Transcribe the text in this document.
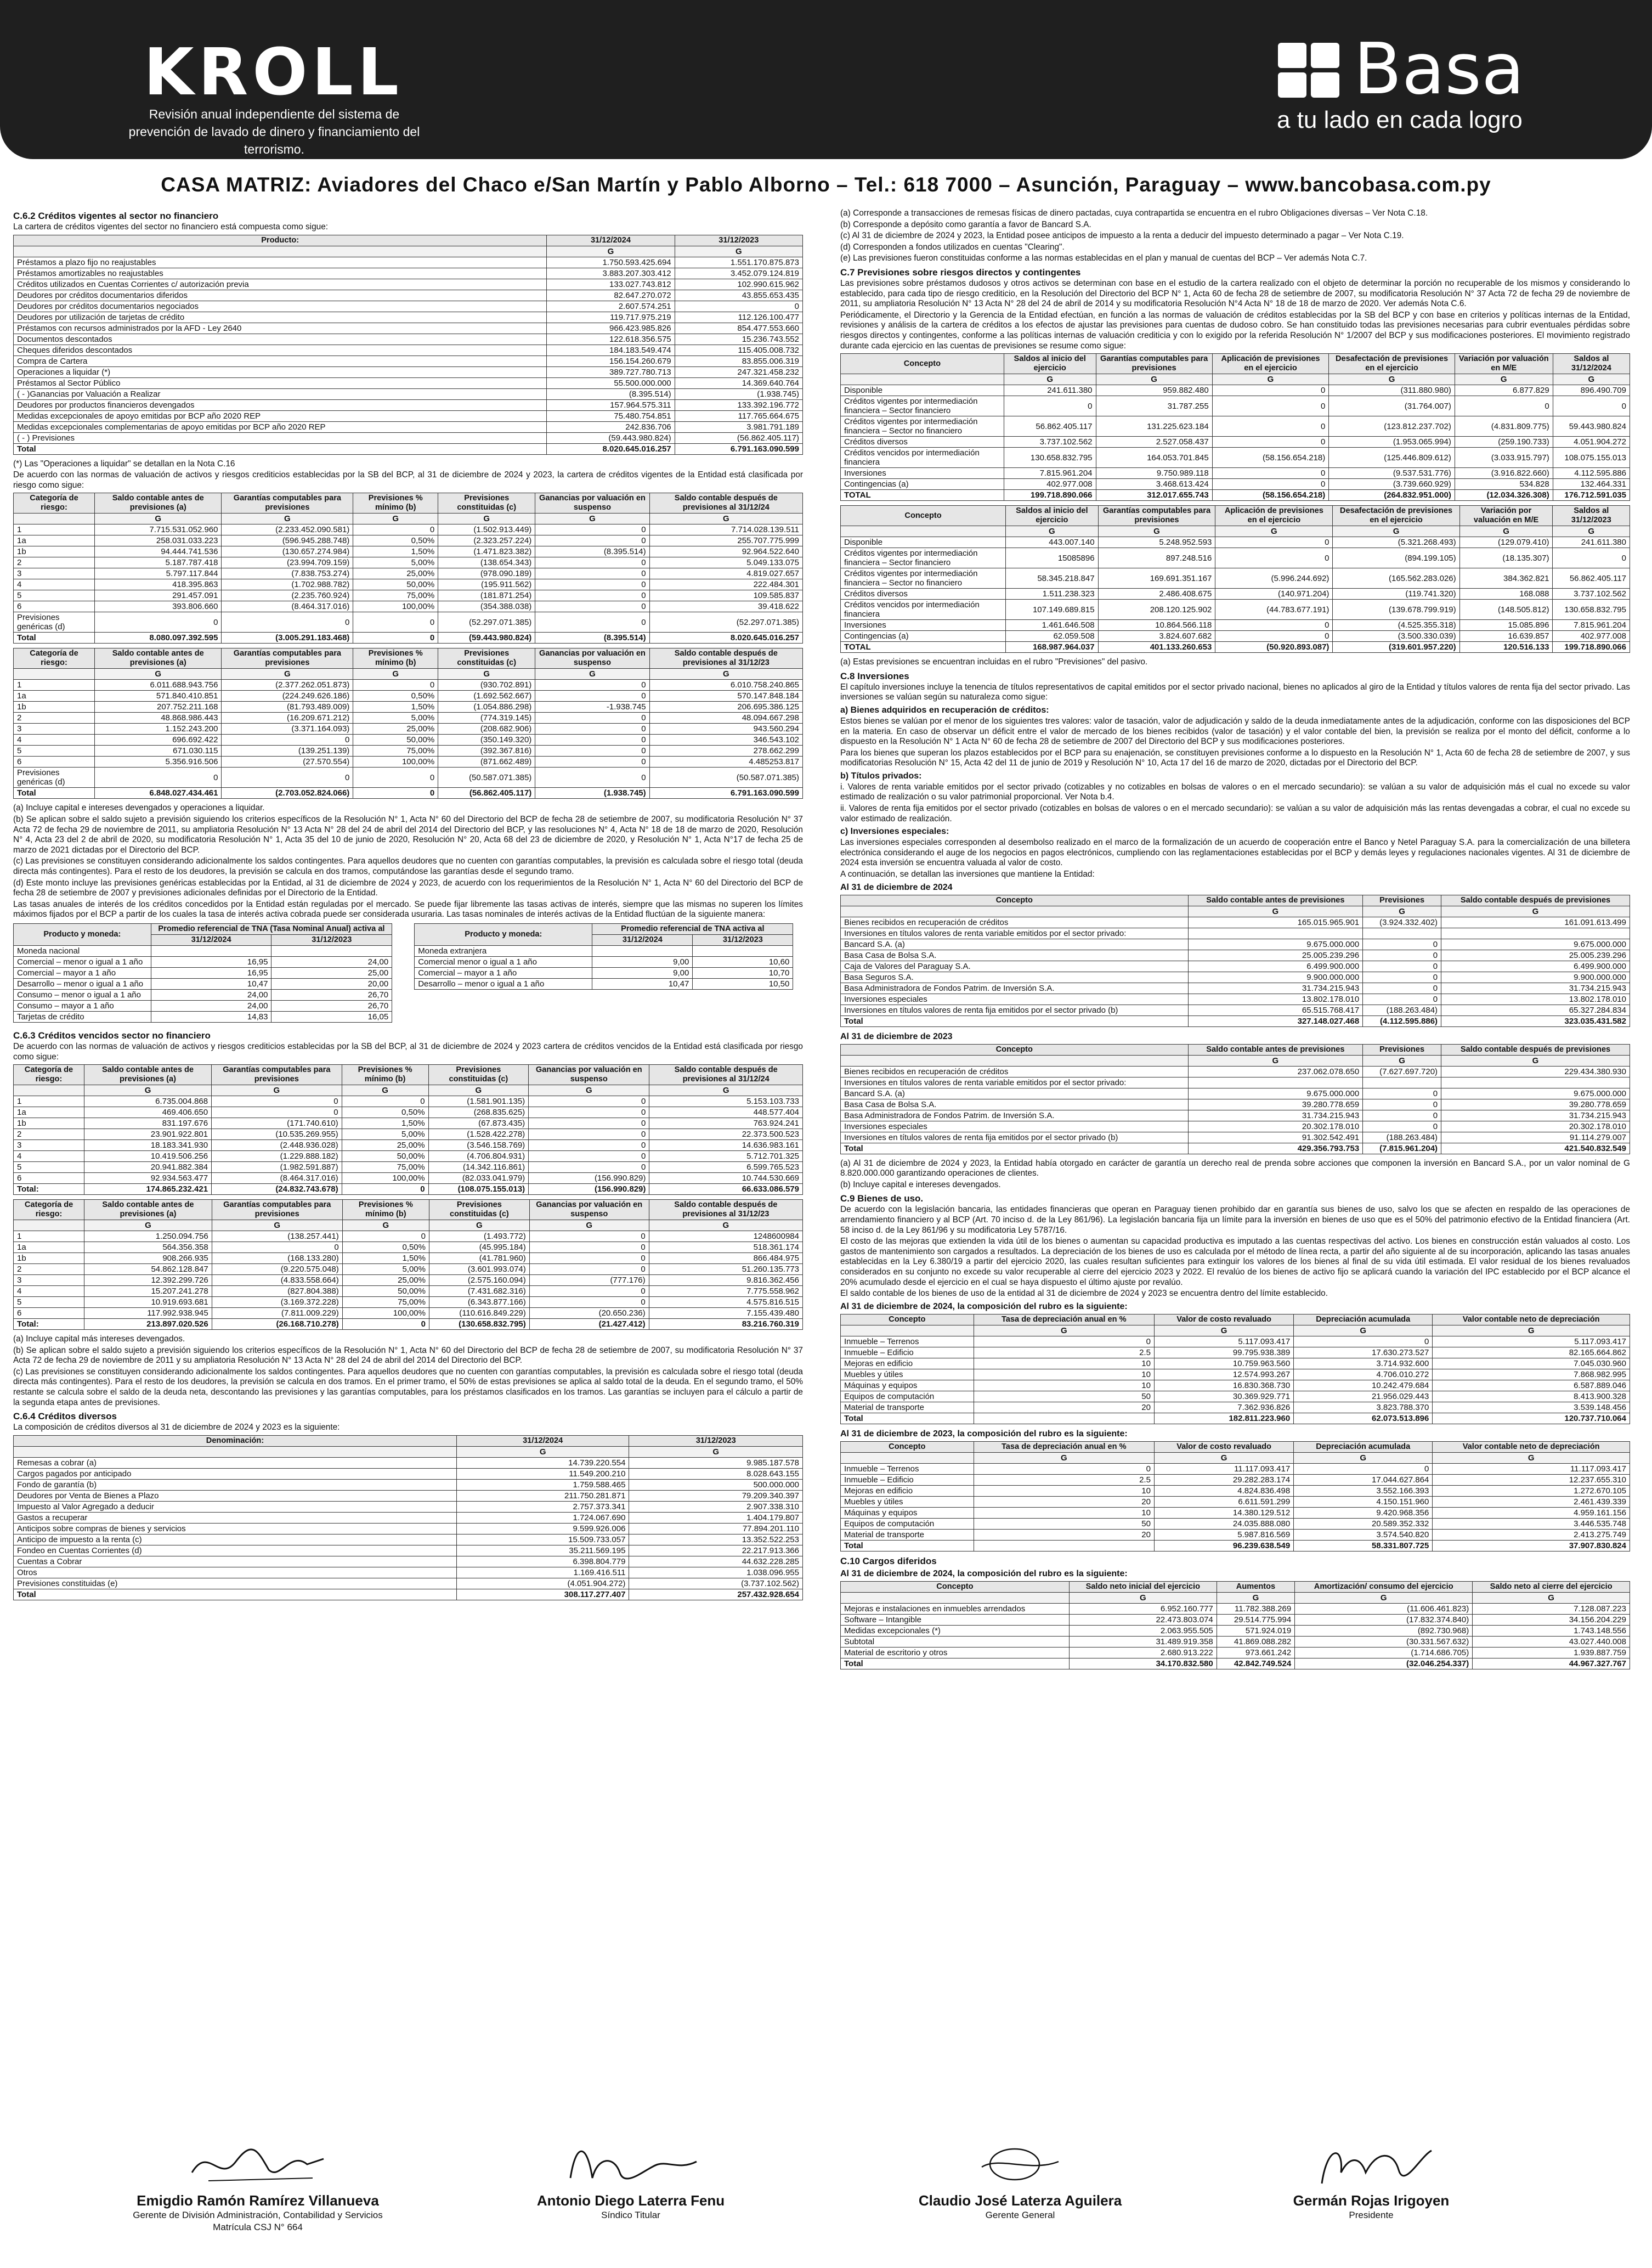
KROLL
Revisión anual independiente del sistema de prevención de lavado de dinero y financiamiento del terrorismo.
Basa
a tu lado en cada logro
CASA MATRIZ: Aviadores del Chaco e/San Martín y Pablo Alborno – Tel.: 618 7000 – Asunción, Paraguay – www.bancobasa.com.py
C.6.2 Créditos vigentes al sector no financiero
La cartera de créditos vigentes del sector no financiero está compuesta como sigue:
Producto:	31/12/2024	31/12/2023
	G	G
Préstamos a plazo fijo no reajustables	1.750.593.425.694	1.551.170.875.873
Préstamos amortizables no reajustables	3.883.207.303.412	3.452.079.124.819
Créditos utilizados en Cuentas Corrientes c/ autorización previa	133.027.743.812	102.990.615.962
Deudores por créditos documentarios diferidos	82.647.270.072	43.855.653.435
Deudores por créditos documentarios negociados	2.607.574.251	0
Deudores por utilización de tarjetas de crédito	119.717.975.219	112.126.100.477
Préstamos con recursos administrados por la AFD - Ley 2640	966.423.985.826	854.477.553.660
Documentos descontados	122.618.356.575	15.236.743.552
Cheques diferidos descontados	184.183.549.474	115.405.008.732
Compra de Cartera	156.154.260.679	83.855.006.319
Operaciones a liquidar (*)	389.727.780.713	247.321.458.232
Préstamos al Sector Público	55.500.000.000	14.369.640.764
( - )Ganancias por Valuación a Realizar	(8.395.514)	(1.938.745)
Deudores por productos financieros devengados	157.964.575.311	133.392.196.772
Medidas excepcionales de apoyo emitidas por BCP año 2020 REP	75.480.754.851	117.765.664.675
Medidas excepcionales complementarias de apoyo emitidas por BCP año 2020 REP	242.836.706	3.981.791.189
( - ) Previsiones	(59.443.980.824)	(56.862.405.117)
Total	8.020.645.016.257	6.791.163.090.599
(*) Las "Operaciones a liquidar" se detallan en la Nota C.16
De acuerdo con las normas de valuación de activos y riesgos crediticios establecidas por la SB del BCP, al 31 de diciembre de 2024 y 2023, la cartera de créditos vigentes de la Entidad está clasificada por riesgo como sigue:
Categoría de riesgo:	Saldo contable antes de previsiones (a)	Garantías computables para previsiones	Previsiones % mínimo (b)	Previsiones constituidas (c)	Ganancias por valuación en suspenso	Saldo contable después de previsiones al 31/12/24
	G	G	G	G	G	G
1	7.715.531.052.960	(2.233.452.090.581)	0	(1.502.913.449)	0	7.714.028.139.511
1a	258.031.033.223	(596.945.288.748)	0,50%	(2.323.257.224)	0	255.707.775.999
1b	94.444.741.536	(130.657.274.984)	1,50%	(1.471.823.382)	(8.395.514)	92.964.522.640
2	5.187.787.418	(23.994.709.159)	5,00%	(138.654.343)	0	5.049.133.075
3	5.797.117.844	(7.838.753.274)	25,00%	(978.090.189)	0	4.819.027.657
4	418.395.863	(1.702.988.782)	50,00%	(195.911.562)	0	222.484.301
5	291.457.091	(2.235.760.924)	75,00%	(181.871.254)	0	109.585.837
6	393.806.660	(8.464.317.016)	100,00%	(354.388.038)	0	39.418.622
Previsiones genéricas (d)	0	0	0	(52.297.071.385)	0	(52.297.071.385)
Total	8.080.097.392.595	(3.005.291.183.468)	0	(59.443.980.824)	(8.395.514)	8.020.645.016.257
Categoría de riesgo:	Saldo contable antes de previsiones (a)	Garantías computables para previsiones	Previsiones % mínimo (b)	Previsiones constituidas (c)	Ganancias por valuación en suspenso	Saldo contable después de previsiones al 31/12/23
	G	G	G	G	G	G
1	6.011.688.943.756	(2.377.262.051.873)	0	(930.702.891)	0	6.010.758.240.865
1a	571.840.410.851	(224.249.626.186)	0,50%	(1.692.562.667)	0	570.147.848.184
1b	207.752.211.168	(81.793.489.009)	1,50%	(1.054.886.298)	-1.938.745	206.695.386.125
2	48.868.986.443	(16.209.671.212)	5,00%	(774.319.145)	0	48.094.667.298
3	1.152.243.200	(3.371.164.093)	25,00%	(208.682.906)	0	943.560.294
4	696.692.422	0	50,00%	(350.149.320)	0	346.543.102
5	671.030.115	(139.251.139)	75,00%	(392.367.816)	0	278.662.299
6	5.356.916.506	(27.570.554)	100,00%	(871.662.489)	0	4.485253.817
Previsiones genéricas (d)	0	0	0	(50.587.071.385)	0	(50.587.071.385)
Total	6.848.027.434.461	(2.703.052.824.066)	0	(56.862.405.117)	(1.938.745)	6.791.163.090.599
(a) Incluye capital e intereses devengados y operaciones a liquidar.
(b) Se aplican sobre el saldo sujeto a previsión siguiendo los criterios específicos de la Resolución N° 1, Acta N° 60 del Directorio del BCP de fecha 28 de setiembre de 2007, su modificatoria Resolución N° 37 Acta 72 de fecha 29 de noviembre de 2011, su ampliatoria Resolución N° 13 Acta N° 28 del 24 de abril del 2014 del Directorio del BCP, y las resoluciones N° 4, Acta N° 18 de 18 de marzo de 2020, Resolución N° 4, Acta 23 del 2 de abril de 2020, su modificatoria Resolución N° 1, Acta 35 del 10 de junio de 2020, Resolución N° 20, Acta 68 del 23 de diciembre de 2020, y Resolución N° 1, Acta N°17 de fecha 25 de marzo de 2021 dictadas por el Directorio del BCP.
(c) Las previsiones se constituyen considerando adicionalmente los saldos contingentes. Para aquellos deudores que no cuenten con garantías computables, la previsión es calculada sobre el riesgo total (deuda directa más contingentes). Para el resto de los deudores, la previsión se calcula en dos tramos, computándose las garantías desde el segundo tramo.
(d) Este monto incluye las previsiones genéricas establecidas por la Entidad, al 31 de diciembre de 2024 y 2023, de acuerdo con los requerimientos de la Resolución N° 1, Acta N° 60 del Directorio del BCP de fecha 28 de setiembre de 2007 y previsiones adicionales definidas por el Directorio de la Entidad.
Las tasas anuales de interés de los créditos concedidos por la Entidad están reguladas por el mercado. Se puede fijar libremente las tasas activas de interés, siempre que las mismas no superen los límites máximos fijados por el BCP a partir de los cuales la tasa de interés activa cobrada puede ser considerada usuraria. Las tasas nominales de interés activas de la Entidad fluctúan de la siguiente manera:
Producto y moneda:	Promedio referencial de TNA (Tasa Nominal Anual) activa al	
	31/12/2024	31/12/2023
Moneda nacional		
Comercial – menor o igual a 1 año	16,95	24,00
Comercial – mayor a 1 año	16,95	25,00
Desarrollo – menor o igual a 1 año	10,47	20,00
Consumo – menor o igual a 1 año	24,00	26,70
Consumo – mayor a 1 año	24,00	26,70
Tarjetas de crédito	14,83	16,05
Producto y moneda:	Promedio referencial de TNA activa al	
	31/12/2024	31/12/2023
Moneda extranjera		
Comercial menor o igual a 1 año	9,00	10,60
Comercial – mayor a 1 año	9,00	10,70
Desarrollo – menor o igual a 1 año	10,47	10,50
C.6.3 Créditos vencidos sector no financiero
De acuerdo con las normas de valuación de activos y riesgos crediticios establecidas por la SB del BCP, al 31 de diciembre de 2024 y 2023 cartera de créditos vencidos de la Entidad está clasificada por riesgo como sigue:
Categoría de riesgo:	Saldo contable antes de previsiones (a)	Garantías computables para previsiones	Previsiones % mínimo (b)	Previsiones constituidas (c)	Ganancias por valuación en suspenso	Saldo contable después de previsiones al 31/12/24
	G	G	G	G	G	G
1	6.735.004.868	0	0	(1.581.901.135)	0	5.153.103.733
1a	469.406.650	0	0,50%	(268.835.625)	0	448.577.404
1b	831.197.676	(171.740.610)	1,50%	(67.873.435)	0	763.924.241
2	23.901.922.801	(10.535.269.955)	5,00%	(1.528.422.278)	0	22.373.500.523
3	18.183.341.930	(2.448.936.028)	25,00%	(3.546.158.769)	0	14.636.983.161
4	10.419.506.256	(1.229.888.182)	50,00%	(4.706.804.931)	0	5.712.701.325
5	20.941.882.384	(1.982.591.887)	75,00%	(14.342.116.861)	0	6.599.765.523
6	92.934.563.477	(8.464.317.016)	100,00%	(82.033.041.979)	(156.990.829)	10.744.530.669
Total:	174.865.232.421	(24.832.743.678)	0	(108.075.155.013)	(156.990.829)	66.633.086.579
Categoría de riesgo:	Saldo contable antes de previsiones (a)	Garantías computables para previsiones	Previsiones % mínimo (b)	Previsiones constituidas (c)	Ganancias por valuación en suspenso	Saldo contable después de previsiones al 31/12/23
	G	G	G	G	G	G
1	1.250.094.756	(138.257.441)	0	(1.493.772)	0	1248600984
1a	564.356.358	0	0,50%	(45.995.184)	0	518.361.174
1b	908.266.935	(168.133.280)	1,50%	(41.781.960)	0	866.484.975
2	54.862.128.847	(9.220.575.048)	5,00%	(3.601.993.074)	0	51.260.135.773
3	12.392.299.726	(4.833.558.664)	25,00%	(2.575.160.094)	(777.176)	9.816.362.456
4	15.207.241.278	(827.804.388)	50,00%	(7.431.682.316)	0	7.775.558.962
5	10.919.693.681	(3.169.372.228)	75,00%	(6.343.877.166)	0	4.575.816.515
6	117.992.938.945	(7.811.009.229)	100,00%	(110.616.849.229)	(20.650.236)	7.155.439.480
Total:	213.897.020.526	(26.168.710.278)	0	(130.658.832.795)	(21.427.412)	83.216.760.319
(a) Incluye capital más intereses devengados.
(b) Se aplican sobre el saldo sujeto a previsión siguiendo los criterios específicos de la Resolución N° 1, Acta N° 60 del Directorio del BCP de fecha 28 de setiembre de 2007, su modificatoria Resolución N° 37 Acta 72 de fecha 29 de noviembre de 2011 y su ampliatoria Resolución N° 13 Acta N° 28 del 24 de abril del 2014 del Directorio del BCP.
(c) Las previsiones se constituyen considerando adicionalmente los saldos contingentes. Para aquellos deudores que no cuenten con garantías computables, la previsión es calculada sobre el riesgo total (deuda directa más contingentes). Para el resto de los deudores, la previsión se calcula en dos tramos. En el primer tramo, el 50% de estas previsiones se aplica al saldo total de la deuda. En el segundo tramo, el 50% restante se calcula sobre el saldo de la deuda neta, descontando las previsiones y las garantías computables, para los préstamos clasificados en los tramos. Las garantías se incluyen para el cálculo a partir de la segunda etapa antes de previsiones.
C.6.4 Créditos diversos
La composición de créditos diversos al 31 de diciembre de 2024 y 2023 es la siguiente:
Denominación:	31/12/2024	31/12/2023
	G	G
Remesas a cobrar (a)	14.739.220.554	9.985.187.578
Cargos pagados por anticipado	11.549.200.210	8.028.643.155
Fondo de garantía (b)	1.759.588.465	500.000.000
Deudores por Venta de Bienes a Plazo	211.750.281.871	79.209.340.397
Impuesto al Valor Agregado a deducir	2.757.373.341	2.907.338.310
Gastos a recuperar	1.724.067.690	1.404.179.807
Anticipos sobre compras de bienes y servicios	9.599.926.006	77.894.201.110
Anticipo de impuesto a la renta (c)	15.509.733.057	13.352.522.253
Fondeo en Cuentas Corrientes (d)	35.211.569.195	22.217.913.366
Cuentas a Cobrar	6.398.804.779	44.632.228.285
Otros	1.169.416.511	1.038.096.955
Previsiones constituidas (e)	(4.051.904.272)	(3.737.102.562)
Total	308.117.277.407	257.432.928.654
(a) Corresponde a transacciones de remesas físicas de dinero pactadas, cuya contrapartida se encuentra en el rubro Obligaciones diversas – Ver Nota C.18.
(b) Corresponde a depósito como garantía a favor de Bancard S.A.
(c) Al 31 de diciembre de 2024 y 2023, la Entidad posee anticipos de impuesto a la renta a deducir del impuesto determinado a pagar – Ver Nota C.19.
(d) Corresponden a fondos utilizados en cuentas "Clearing".
(e) Las previsiones fueron constituidas conforme a las normas establecidas en el plan y manual de cuentas del BCP – Ver además Nota C.7.
C.7 Previsiones sobre riesgos directos y contingentes
Las previsiones sobre préstamos dudosos y otros activos se determinan con base en el estudio de la cartera realizado con el objeto de determinar la porción no recuperable de los mismos y considerando lo establecido, para cada tipo de riesgo crediticio, en la Resolución del Directorio del BCP N° 1, Acta 60 de fecha 28 de setiembre de 2007, su modificatoria Resolución N° 37 Acta 72 de fecha 29 de noviembre de 2011, su ampliatoria Resolución N° 13 Acta N° 28 del 24 de abril de 2014 y su modificatoria Resolución N°4 Acta N° 18 de 18 de marzo de 2020. Ver además Nota C.6.
Periódicamente, el Directorio y la Gerencia de la Entidad efectúan, en función a las normas de valuación de créditos establecidas por la SB del BCP y con base en criterios y políticas internas de la Entidad, revisiones y análisis de la cartera de créditos a los efectos de ajustar las previsiones para cuentas de dudoso cobro. Se han constituido todas las previsiones necesarias para cubrir eventuales pérdidas sobre riesgos directos y contingentes, conforme a las políticas internas de valuación crediticia y con lo exigido por la referida Resolución N° 1/2007 del BCP y sus modificaciones posteriores. El movimiento registrado durante cada ejercicio en las cuentas de previsiones se resume como sigue:
Concepto	Saldos al inicio del ejercicio	Garantías computables para previsiones	Aplicación de previsiones en el ejercicio	Desafectación de previsiones en el ejercicio	Variación por valuación en M/E	Saldos al 31/12/2024
	G	G	G	G	G	G
Disponible	241.611.380	959.882.480	0	(311.880.980)	6.877.829	896.490.709
Créditos vigentes por intermediación financiera – Sector financiero	0	31.787.255	0	(31.764.007)	0	0
Créditos vigentes por intermediación financiera – Sector no financiero	56.862.405.117	131.225.623.184	0	(123.812.237.702)	(4.831.809.775)	59.443.980.824
Créditos diversos	3.737.102.562	2.527.058.437	0	(1.953.065.994)	(259.190.733)	4.051.904.272
Créditos vencidos por intermediación financiera	130.658.832.795	164.053.701.845	(58.156.654.218)	(125.446.809.612)	(3.033.915.797)	108.075.155.013
Inversiones	7.815.961.204	9.750.989.118	0	(9.537.531.776)	(3.916.822.660)	4.112.595.886
Contingencias (a)	402.977.008	3.468.613.424	0	(3.739.660.929)	534.828	132.464.331
TOTAL	199.718.890.066	312.017.655.743	(58.156.654.218)	(264.832.951.000)	(12.034.326.308)	176.712.591.035
Concepto	Saldos al inicio del ejercicio	Garantías computables para previsiones	Aplicación de previsiones en el ejercicio	Desafectación de previsiones en el ejercicio	Variación por valuación en M/E	Saldos al 31/12/2023
	G	G	G	G	G	G
Disponible	443.007.140	5.248.952.593	0	(5.321.268.493)	(129.079.410)	241.611.380
Créditos vigentes por intermediación financiera – Sector financiero	15085896	897.248.516	0	(894.199.105)	(18.135.307)	0
Créditos vigentes por intermediación financiera – Sector no financiero	58.345.218.847	169.691.351.167	(5.996.244.692)	(165.562.283.026)	384.362.821	56.862.405.117
Créditos diversos	1.511.238.323	2.486.408.675	(140.971.204)	(119.741.320)	168.088	3.737.102.562
Créditos vencidos por intermediación financiera	107.149.689.815	208.120.125.902	(44.783.677.191)	(139.678.799.919)	(148.505.812)	130.658.832.795
Inversiones	1.461.646.508	10.864.566.118	0	(4.525.355.318)	15.085.896	7.815.961.204
Contingencias (a)	62.059.508	3.824.607.682	0	(3.500.330.039)	16.639.857	402.977.008
TOTAL	168.987.964.037	401.133.260.653	(50.920.893.087)	(319.601.957.220)	120.516.133	199.718.890.066
(a) Estas previsiones se encuentran incluidas en el rubro "Previsiones" del pasivo.
C.8 Inversiones
El capítulo inversiones incluye la tenencia de títulos representativos de capital emitidos por el sector privado nacional, bienes no aplicados al giro de la Entidad y títulos valores de renta fija del sector privado. Las inversiones se valúan según su naturaleza como sigue:
a) Bienes adquiridos en recuperación de créditos:
Estos bienes se valúan por el menor de los siguientes tres valores: valor de tasación, valor de adjudicación y saldo de la deuda inmediatamente antes de la adjudicación, conforme con las disposiciones del BCP en la materia. En caso de observar un déficit entre el valor de mercado de los bienes recibidos (valor de tasación) y el valor contable del bien, la previsión se realiza por el monto del déficit, conforme a lo dispuesto en la Resolución N° 1 Acta N° 60 de fecha 28 de setiembre de 2007 del Directorio del BCP y sus modificaciones posteriores.
Para los bienes que superan los plazos establecidos por el BCP para su enajenación, se constituyen previsiones conforme a lo dispuesto en la Resolución N° 1, Acta 60 de fecha 28 de setiembre de 2007, y sus modificatorias Resolución N° 15, Acta 42 del 11 de junio de 2019 y Resolución N° 10, Acta 17 del 16 de marzo de 2020, dictadas por el Directorio del BCP.
b) Títulos privados:
i. Valores de renta variable emitidos por el sector privado (cotizables y no cotizables en bolsas de valores o en el mercado secundario): se valúan a su valor de adquisición más el cual no excede su valor estimado de realización o su valor patrimonial proporcional. Ver Nota b.4.
ii. Valores de renta fija emitidos por el sector privado (cotizables en bolsas de valores o en el mercado secundario): se valúan a su valor de adquisición más las rentas devengadas a cobrar, el cual no excede su valor estimado de realización.
c) Inversiones especiales:
Las inversiones especiales corresponden al desembolso realizado en el marco de la formalización de un acuerdo de cooperación entre el Banco y Netel Paraguay S.A. para la comercialización de una billetera electrónica considerando el auge de los negocios en pagos electrónicos, cumpliendo con las reglamentaciones establecidas por el BCP y demás leyes y regulaciones nacionales vigentes. Al 31 de diciembre de 2024 esta inversión se encuentra valuada al valor de costo.
A continuación, se detallan las inversiones que mantiene la Entidad:
Al 31 de diciembre de 2024
Concepto	Saldo contable antes de previsiones	Previsiones	Saldo contable después de previsiones
	G	G	G
Bienes recibidos en recuperación de créditos	165.015.965.901	(3.924.332.402)	161.091.613.499
Inversiones en títulos valores de renta variable emitidos por el sector privado:			
Bancard S.A. (a)	9.675.000.000	0	9.675.000.000
Basa Casa de Bolsa S.A.	25.005.239.296	0	25.005.239.296
Caja de Valores del Paraguay S.A.	6.499.900.000	0	6.499.900.000
Basa Seguros S.A.	9.900.000.000	0	9.900.000.000
Basa Administradora de Fondos Patrim. de Inversión S.A.	31.734.215.943	0	31.734.215.943
Inversiones especiales	13.802.178.010	0	13.802.178.010
Inversiones en títulos valores de renta fija emitidos por el sector privado (b)	65.515.768.417	(188.263.484)	65.327.284.834
Total	327.148.027.468	(4.112.595.886)	323.035.431.582
Al 31 de diciembre de 2023
Concepto	Saldo contable antes de previsiones	Previsiones	Saldo contable después de previsiones
	G	G	G
Bienes recibidos en recuperación de créditos	237.062.078.650	(7.627.697.720)	229.434.380.930
Inversiones en títulos valores de renta variable emitidos por el sector privado:			
Bancard S.A. (a)	9.675.000.000	0	9.675.000.000
Basa Casa de Bolsa S.A.	39.280.778.659	0	39.280.778.659
Basa Administradora de Fondos Patrim. de Inversión S.A.	31.734.215.943	0	31.734.215.943
Inversiones especiales	20.302.178.010	0	20.302.178.010
Inversiones en títulos valores de renta fija emitidos por el sector privado (b)	91.302.542.491	(188.263.484)	91.114.279.007
Total	429.356.793.753	(7.815.961.204)	421.540.832.549
(a) Al 31 de diciembre de 2024 y 2023, la Entidad había otorgado en carácter de garantía un derecho real de prenda sobre acciones que componen la inversión en Bancard S.A., por un valor nominal de G 8.820.000.000 garantizando operaciones de clientes.
(b) Incluye capital e intereses devengados.
C.9 Bienes de uso.
De acuerdo con la legislación bancaria, las entidades financieras que operan en Paraguay tienen prohibido dar en garantía sus bienes de uso, salvo los que se afecten en respaldo de las operaciones de arrendamiento financiero y al BCP (Art. 70 inciso d. de la Ley 861/96). La legislación bancaria fija un límite para la inversión en bienes de uso que es el 50% del patrimonio efectivo de la Entidad financiera (Art. 58 inciso d. de la Ley 861/96 y su modificatoria Ley 5787/16.
El costo de las mejoras que extienden la vida útil de los bienes o aumentan su capacidad productiva es imputado a las cuentas respectivas del activo. Los bienes en construcción están valuados al costo. Los gastos de mantenimiento son cargados a resultados. La depreciación de los bienes de uso es calculada por el método de línea recta, a partir del año siguiente al de su incorporación, aplicando las tasas anuales establecidas en la Ley 6.380/19 a partir del ejercicio 2020, las cuales resultan suficientes para extinguir los valores de los bienes al final de su vida útil estimada. El valor residual de los bienes revaluados considerados en su conjunto no excede su valor recuperable al cierre del ejercicio 2023 y 2022. El revalúo de los bienes de activo fijo se aplicará cuando la variación del IPC establecido por el BCP alcance el 20% acumulado desde el ejercicio en el cual se haya dispuesto el último ajuste por revalúo.
El saldo contable de los bienes de uso de la entidad al 31 de diciembre de 2024 y 2023 se encuentra dentro del límite establecido.
Al 31 de diciembre de 2024, la composición del rubro es la siguiente:
Concepto	Tasa de depreciación anual en %	Valor de costo revaluado	Depreciación acumulada	Valor contable neto de depreciación
	G	G	G	G
Inmueble – Terrenos	0	5.117.093.417	0	5.117.093.417
Inmueble – Edificio	2.5	99.795.938.389	17.630.273.527	82.165.664.862
Mejoras en edificio	10	10.759.963.560	3.714.932.600	7.045.030.960
Muebles y útiles	10	12.574.993.267	4.706.010.272	7.868.982.995
Máquinas y equipos	10	16.830.368.730	10.242.479.684	6.587.889.046
Equipos de computación	50	30.369.929.771	21.956.029.443	8.413.900.328
Material de transporte	20	7.362.936.826	3.823.788.370	3.539.148.456
Total		182.811.223.960	62.073.513.896	120.737.710.064
Al 31 de diciembre de 2023, la composición del rubro es la siguiente:
Concepto	Tasa de depreciación anual en %	Valor de costo revaluado	Depreciación acumulada	Valor contable neto de depreciación
	G	G	G	G
Inmueble – Terrenos	0	11.117.093.417	0	11.117.093.417
Inmueble – Edificio	2.5	29.282.283.174	17.044.627.864	12.237.655.310
Mejoras en edificio	10	4.824.836.498	3.552.166.393	1.272.670.105
Muebles y útiles	20	6.611.591.299	4.150.151.960	2.461.439.339
Máquinas y equipos	10	14.380.129.512	9.420.968.356	4.959.161.156
Equipos de computación	50	24.035.888.080	20.589.352.332	3.446.535.748
Material de transporte	20	5.987.816.569	3.574.540.820	2.413.275.749
Total		96.239.638.549	58.331.807.725	37.907.830.824
C.10 Cargos diferidos
Al 31 de diciembre de 2024, la composición del rubro es la siguiente:
Concepto	Saldo neto inicial del ejercicio	Aumentos	Amortización/ consumo del ejercicio	Saldo neto al cierre del ejercicio
	G	G	G	G
Mejoras e instalaciones en inmuebles arrendados	6.952.160.777	11.782.388.269	(11.606.461.823)	7.128.087.223
Software – Intangible	22.473.803.074	29.514.775.994	(17.832.374.840)	34.156.204.229
Medidas excepcionales (*)	2.063.955.505	571.924.019	(892.730.968)	1.743.148.556
Subtotal	31.489.919.358	41.869.088.282	(30.331.567.632)	43.027.440.008
Material de escritorio y otros	2.680.913.222	973.661.242	(1.714.686.705)	1.939.887.759
Total	34.170.832.580	42.842.749.524	(32.046.254.337)	44.967.327.767
Emigdio Ramón Ramírez Villanueva
Gerente de División Administración, Contabilidad y Servicios
Matrícula CSJ N° 664
Antonio Diego Laterra Fenu
Síndico Titular
Claudio José Laterza Aguilera
Gerente General
Germán Rojas Irigoyen
Presidente
